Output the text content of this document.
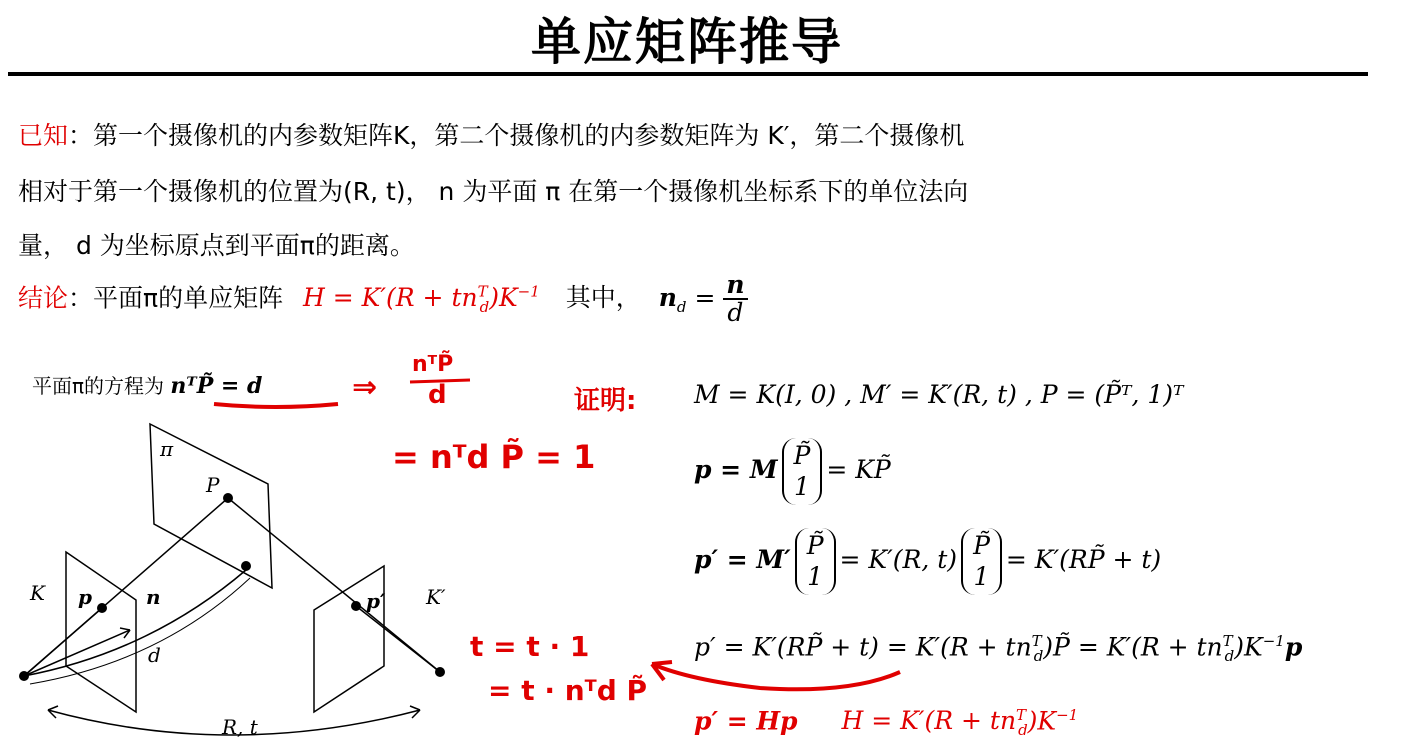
单应矩阵推导
已知：第一个摄像机的内参数矩阵K，第二个摄像机的内参数矩阵为 K′，第二个摄像机
相对于第一个摄像机的位置为(R, t)， n 为平面 π 在第一个摄像机坐标系下的单位法向
量， d 为坐标原点到平面π的距离。
结论：平面π的单应矩阵 $H = K'(R + tn^T_d)K^{-1}$ 其中， $n_d = \frac{n}{d}$
平面π的方程为 nᵀP̃ = d	证明: M = K(I, 0) , M′ = K′(R, t) , P = (P̃ᵀ, 1)ᵀ
p = M P̃
1
= KP̃
p′ = M′ P̃
1
= K′(R, t) P̃
1
= K′(RP̃ + t)
p′ = K′(RP̃ + $t) = K'(R + tn^T_d)P̃ = K'(R + tn^T_d)K^{-1}p$
p′ = Hp $H = K'(R + tn^T_d)K^{-1}$
nᵀP̃
d
⇒
= nᵀd P̃ = 1
t = t · 1
= t · nᵀd P̃
π
P
K p	n
d
p′ K′
R, t
